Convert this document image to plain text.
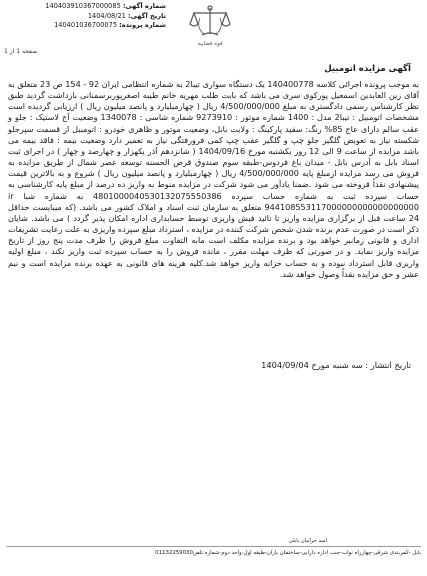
قوه قضاییه
شماره آگهی: 140403910367000085
تاریخ آگهی: 1404/08/21
شماره پرونده: 140401036700075
صفحه 1 از 1
آگهی مزایده اتومبیل
به موجب پرونده اجرائی کلاسه 140400778 یک دستگاه سواری تیبا2 به شماره انتظامی ایران 92 - 154 ص 23 متعلق به آقای زین العابدین اسمعیل پورکوی سری می باشد که بابت طلب مهریه خانم طیبه اصغرپوربرسمنانی بازداشت گردید طبق نظر کارشناس رسمی دادگستری به مبلغ 4/500/000/000 ریال ( چهارمیلیارد و پانصد میلیون ریال ) ارزیابی گردیده است مشخصات اتومبیل : تیبا2 مدل : 1400 شماره موتور : 9273910 شماره شاسی : 1340078 وضعیت آج لاستیک : جلو و عقب سالم دارای عاج 85% رنگ: سفید پارکینگ : ولایت بابل، وضعیت موتور و ظاهری خودرو : اتومبیل از قسمت سپرجلو شکسته نیاز به تعویض گلگیر جلو چپ و گلگیر عقب چپ کمی فرورفتگی نیاز به تعمیر دارد وضعیت بیمه : فاقد بیمه می باشد مزایده از ساعت 9 الی 12 روز یکشنبه مورخ 1404/09/16 ( شانزدهم آذر یکهزار و چهارصد و چهار ) در اجرای ثبت اسناد بابل به آدرس بابل - میدان باغ فردوس-طبقه سوم صندوق قرض الحسنه توسعه عصر شمال از طریق مزایده به فروش می رسد مزایده ازمبلغ پایه 4/500/000/000 ریال ( چهارمیلیارد و پانصد میلیون ریال ) شروع و به بالاترین قیمت پیشنهادی نقداً فروخته می شود .ضمنا یادآور می شود شرکت در مزایده منوط به واریز ده درصد از مبلغ پایه کارشناسی به حساب سپرده ثبت به شماره حساب سپرده 4801000040530132075550386 به شماره شبا ir 944108553117000000000000000000 متعلق به سازمان ثبت اسناد و املاک کشور می باشد. (که میبایست حداقل 24 ساعت قبل از برگزاری مزایده واریز تا تائید فیش واریزی توسط حسابداری اداره امکان پذیر گردد ) می باشد. شایان ذکر است در صورت عدم برنده شدن شخص شرکت کننده در مزایده ، استرداد مبلغ سپرده واریزی به علت رعایت تشریفات اداری و قانونی زمانبر خواهد بود و برنده مزایده مکلف است مابه التفاوت مبلغ فروش را ظرف مدت پنج روز از تاریخ مزایده واریز نماید. و در صورتی که ظرف مهلت مقرر ، مانده فروش را به حساب سپرده ثبت واریز نکند ، مبلغ اولیه واریزی قابل استرداد نبوده و به حساب خزانه واریز خواهد شد.کلیه هزینه های قانونی به عهده برنده مزایده است و نیم عشر و حق مزایده نقداً وصول خواهد شد.
تاریخ انتشار : سه شنبه مورخ 1404/09/04
امید جراتیان بابلی
بابل -کمربندی شرقی-چهارراه نواب-جنب اداره دارایی-ساختمان باران-طبقه اول-واحد دوم-شماره تلفن01132259030
